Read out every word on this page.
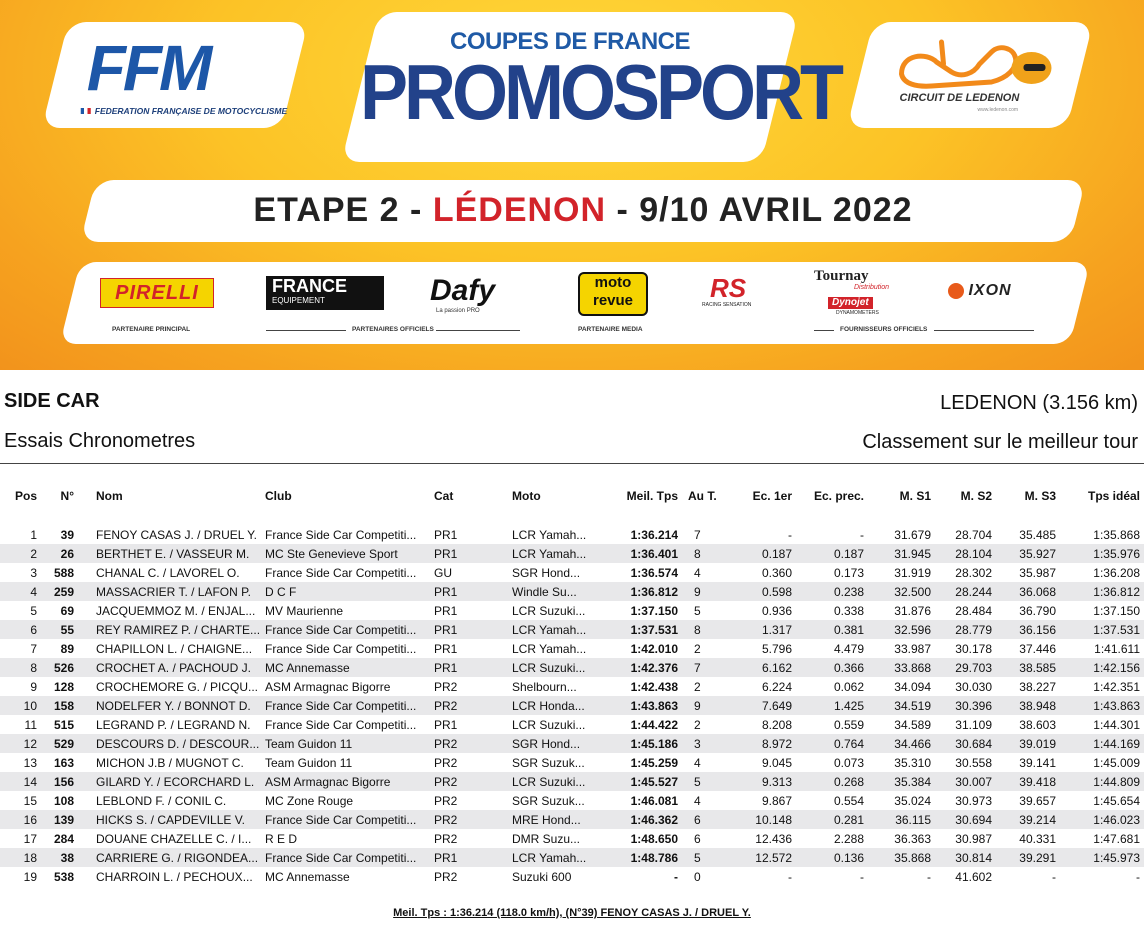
FFM
FEDERATION FRANÇAISE DE MOTOCYCLISME
COUPES DE FRANCE
PROMOSPORT	CIRCUIT DE LEDENON
www.ledenon.com
ETAPE 2 - LÉDENON - 9/10 AVRIL 2022
PIRELLI
PARTENAIRE PRINCIPAL
FRANCE
EQUIPEMENT	Dafy
La passion PRO
PARTENAIRES OFFICIELS
moto
revue
PARTENAIRE MEDIA
RS
RACING SENSATION
Tournay
Distribution
Dynojet
DYNAMOMETERS
IXON
FOURNISSEURS OFFICIELS
SIDE CAR
Essais Chronometres
LEDENON (3.156 km)
Classement sur le meilleur tour
Pos	N°	Nom	Club	Cat	Moto	Meil. Tps	Au T.	Ec. 1er	Ec. prec.	M. S1	M. S2	M. S3	Tps idéal

1	39	FENOY CASAS J. / DRUEL Y.	France Side Car Competiti...	PR1	LCR Yamah...	1:36.214	7	-	-	31.679	28.704	35.485	1:35.868
2	26	BERTHET E. / VASSEUR M.	MC Ste Genevieve Sport	PR1	LCR Yamah...	1:36.401	8	0.187	0.187	31.945	28.104	35.927	1:35.976
3	588	CHANAL C. / LAVOREL O.	France Side Car Competiti...	GU	SGR Hond...	1:36.574	4	0.360	0.173	31.919	28.302	35.987	1:36.208
4	259	MASSACRIER T. / LAFON P.	D C F	PR1	Windle Su...	1:36.812	9	0.598	0.238	32.500	28.244	36.068	1:36.812
5	69	JACQUEMMOZ M. / ENJAL...	MV Maurienne	PR1	LCR Suzuki...	1:37.150	5	0.936	0.338	31.876	28.484	36.790	1:37.150
6	55	REY RAMIREZ P. / CHARTE...	France Side Car Competiti...	PR1	LCR Yamah...	1:37.531	8	1.317	0.381	32.596	28.779	36.156	1:37.531
7	89	CHAPILLON L. / CHAIGNE...	France Side Car Competiti...	PR1	LCR Yamah...	1:42.010	2	5.796	4.479	33.987	30.178	37.446	1:41.611
8	526	CROCHET A. / PACHOUD J.	MC Annemasse	PR1	LCR Suzuki...	1:42.376	7	6.162	0.366	33.868	29.703	38.585	1:42.156
9	128	CROCHEMORE G. / PICQU...	ASM Armagnac Bigorre	PR2	Shelbourn...	1:42.438	2	6.224	0.062	34.094	30.030	38.227	1:42.351
10	158	NODELFER Y. / BONNOT D.	France Side Car Competiti...	PR2	LCR Honda...	1:43.863	9	7.649	1.425	34.519	30.396	38.948	1:43.863
11	515	LEGRAND P. / LEGRAND N.	France Side Car Competiti...	PR1	LCR Suzuki...	1:44.422	2	8.208	0.559	34.589	31.109	38.603	1:44.301
12	529	DESCOURS D. / DESCOUR...	Team Guidon 11	PR2	SGR Hond...	1:45.186	3	8.972	0.764	34.466	30.684	39.019	1:44.169
13	163	MICHON J.B / MUGNOT C.	Team Guidon 11	PR2	SGR Suzuk...	1:45.259	4	9.045	0.073	35.310	30.558	39.141	1:45.009
14	156	GILARD Y. / ECORCHARD L.	ASM Armagnac Bigorre	PR2	LCR Suzuki...	1:45.527	5	9.313	0.268	35.384	30.007	39.418	1:44.809
15	108	LEBLOND F. / CONIL C.	MC Zone Rouge	PR2	SGR Suzuk...	1:46.081	4	9.867	0.554	35.024	30.973	39.657	1:45.654
16	139	HICKS S. / CAPDEVILLE V.	France Side Car Competiti...	PR2	MRE Hond...	1:46.362	6	10.148	0.281	36.115	30.694	39.214	1:46.023
17	284	DOUANE CHAZELLE C. / I...	R E D	PR2	DMR Suzu...	1:48.650	6	12.436	2.288	36.363	30.987	40.331	1:47.681
18	38	CARRIERE G. / RIGONDEA...	France Side Car Competiti...	PR1	LCR Yamah...	1:48.786	5	12.572	0.136	35.868	30.814	39.291	1:45.973
19	538	CHARROIN L. / PECHOUX...	MC Annemasse	PR2	Suzuki 600	-	0	-	-	-	41.602	-	-
Meil. Tps : 1:36.214 (118.0 km/h), (N°39) FENOY CASAS J. / DRUEL Y.
